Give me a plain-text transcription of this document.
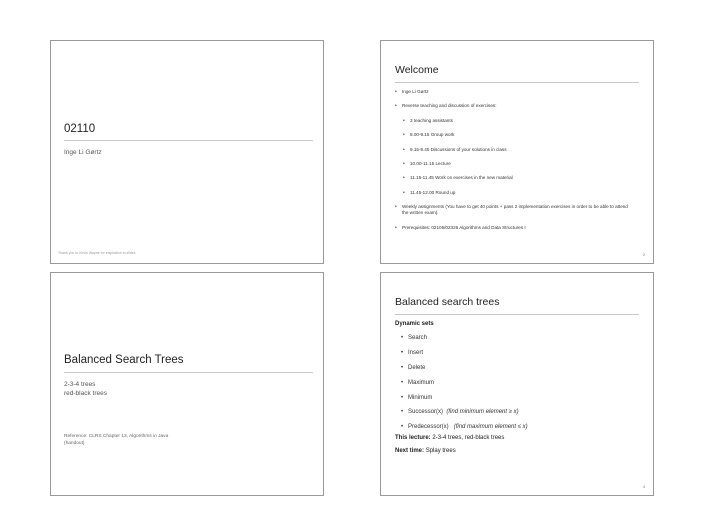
02110
Inge Li Gørtz
Thank you to Kevin Wayne for inspiration to slides
Welcome
• Inge Li Gørtz
• Reverse teaching and discussion of exercises:
• 3 teaching assistants
• 8.00-9.15 Group work
• 9.15-9.45 Discussions of your solutions in class
• 10.00-11.15 Lecture
• 11.15-11.45 Work on exercises in the new material
• 11.45-12.00 Round up
• Weekly assignments (You have to get 40 points + pass 2 implementation exercises in order to be able to attend the written exam).
• Prerequisites: 02105/02326 Algorithms and Data Structures I
2
Balanced Search Trees
2-3-4 trees
red-black trees
Reference: CLRS Chapter 13, Algorithms in Java
(handout)
Balanced search trees
Dynamic sets
• Search
• Insert
• Delete
• Maximum
• Minimum
• Successor(x) (find minimum element ≥ x)
• Predecessor(x) (find maximum element ≤ x)
This lecture: 2-3-4 trees, red-black trees
Next time: Splay trees
4
